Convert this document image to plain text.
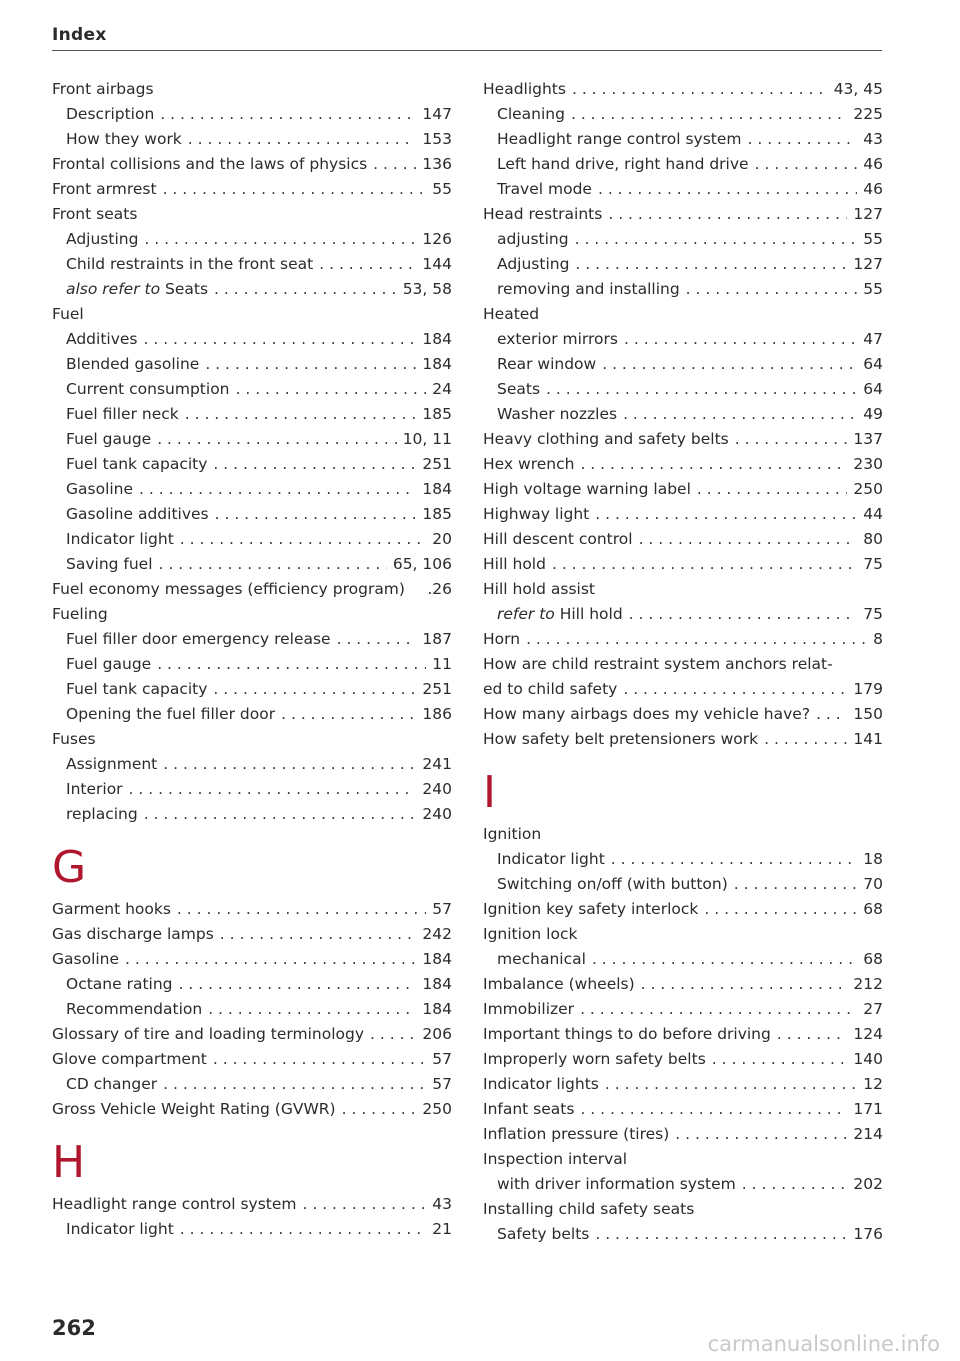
Index
Front airbags
Description . . .	147
How they work . . .	153
Frontal collisions and the laws of physics . . .	136
Front armrest . . .	55
Front seats
Adjusting . . .	126
Child restraints in the front seat . . .	144
also refer to Seats . . .	53, 58
Fuel
Additives . . .	184
Blended gasoline . . .	184
Current consumption . . .	24
Fuel filler neck . . .	185
Fuel gauge . . .	10, 11
Fuel tank capacity . . .	251
Gasoline . . .	184
Gasoline additives . . .	185
Indicator light . . .	20
Saving fuel . . .	65, 106
Fuel economy messages (efficiency program) .26
Fueling
Fuel filler door emergency release . . .	187
Fuel gauge . . .	11
Fuel tank capacity . . .	251
Opening the fuel filler door . . .	186
Fuses
Assignment . . .	241
Interior . . .	240
replacing . . .	240
G
Garment hooks . . .	57
Gas discharge lamps . . .	242
Gasoline . . .	184
Octane rating . . .	184
Recommendation . . .	184
Glossary of tire and loading terminology . . .	206
Glove compartment . . .	57
CD changer . . .	57
Gross Vehicle Weight Rating (GVWR) . . .	250
H
Headlight range control system . . .	43
Indicator light . . .	21
Headlights . . .	43, 45
Cleaning . . .	225
Headlight range control system . . .	43
Left hand drive, right hand drive . . .	46
Travel mode . . .	46
Head restraints . . .	127
adjusting . . .	55
Adjusting . . .	127
removing and installing . . .	55
Heated
exterior mirrors . . .	47
Rear window . . .	64
Seats . . .	64
Washer nozzles . . .	49
Heavy clothing and safety belts . . .	137
Hex wrench . . .	230
High voltage warning label . . .	250
Highway light . . .	44
Hill descent control . . .	80
Hill hold . . .	75
Hill hold assist
refer to Hill hold . . .	75
Horn . . .	8
How are child restraint system anchors relat-
ed to child safety . . .	179
How many airbags does my vehicle have? . . .	150
How safety belt pretensioners work . . .	141
I
Ignition
Indicator light . . .	18
Switching on/off (with button) . . .	70
Ignition key safety interlock . . .	68
Ignition lock
mechanical . . .	68
Imbalance (wheels) . . .	212
Immobilizer . . .	27
Important things to do before driving . . .	124
Improperly worn safety belts . . .	140
Indicator lights . . .	12
Infant seats . . .	171
Inflation pressure (tires) . . .	214
Inspection interval
with driver information system . . .	202
Installing child safety seats
Safety belts . . .	176
262
carmanualsonline.info
